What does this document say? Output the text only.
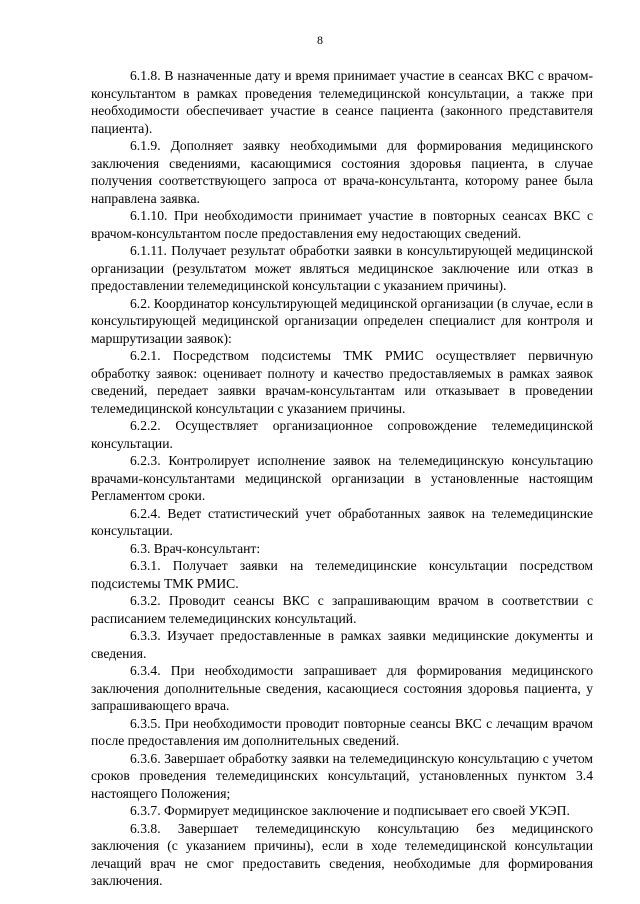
8

6.1.8. В назначенные дату и время принимает участие в сеансах ВКС с врачом-консультантом в рамках проведения телемедицинской консультации, а также при необходимости обеспечивает участие в сеансе пациента (законного представителя пациента).

6.1.9. Дополняет заявку необходимыми для формирования медицинского заключения сведениями, касающимися состояния здоровья пациента, в случае получения соответствующего запроса от врача-консультанта, которому ранее была направлена заявка.

6.1.10. При необходимости принимает участие в повторных сеансах ВКС с врачом-консультантом после предоставления ему недостающих сведений.

6.1.11. Получает результат обработки заявки в консультирующей медицинской организации (результатом может являться медицинское заключение или отказ в предоставлении телемедицинской консультации с указанием причины).

6.2. Координатор консультирующей медицинской организации (в случае, если в консультирующей медицинской организации определен специалист для контроля и маршрутизации заявок):

6.2.1. Посредством подсистемы ТМК РМИС осуществляет первичную обработку заявок: оценивает полноту и качество предоставляемых в рамках заявок сведений, передает заявки врачам-консультантам или отказывает в проведении телемедицинской консультации с указанием причины.

6.2.2. Осуществляет организационное сопровождение телемедицинской консультации.

6.2.3. Контролирует исполнение заявок на телемедицинскую консультацию врачами-консультантами медицинской организации в установленные настоящим Регламентом сроки.

6.2.4. Ведет статистический учет обработанных заявок на телемедицинские консультации.

6.3. Врач-консультант:

6.3.1. Получает заявки на телемедицинские консультации посредством подсистемы ТМК РМИС.

6.3.2. Проводит сеансы ВКС с запрашивающим врачом в соответствии с расписанием телемедицинских консультаций.

6.3.3. Изучает предоставленные в рамках заявки медицинские документы и сведения.

6.3.4. При необходимости запрашивает для формирования медицинского заключения дополнительные сведения, касающиеся состояния здоровья пациента, у запрашивающего врача.

6.3.5. При необходимости проводит повторные сеансы ВКС с лечащим врачом после предоставления им дополнительных сведений.

6.3.6. Завершает обработку заявки на телемедицинскую консультацию с учетом сроков проведения телемедицинских консультаций, установленных пунктом 3.4 настоящего Положения;

6.3.7. Формирует медицинское заключение и подписывает его своей УКЭП.

6.3.8. Завершает телемедицинскую консультацию без медицинского заключения (с указанием причины), если в ходе телемедицинской консультации лечащий врач не смог предоставить сведения, необходимые для формирования заключения.
